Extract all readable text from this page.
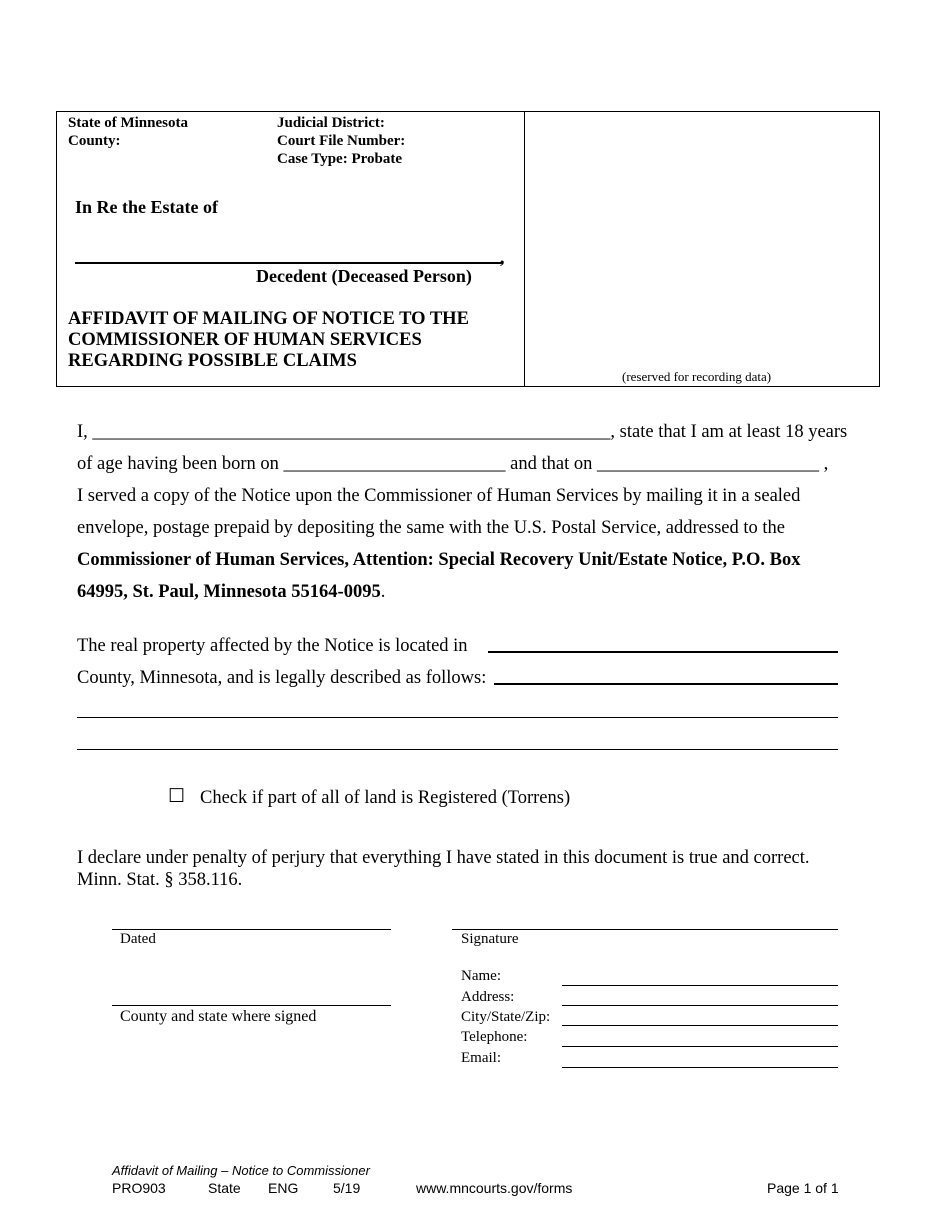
State of Minnesota
County:
Judicial District:
Court File Number:
Case Type: Probate
In Re the Estate of
,
Decedent (Deceased Person)
AFFIDAVIT OF MAILING OF NOTICE TO THE
COMMISSIONER OF HUMAN SERVICES
REGARDING POSSIBLE CLAIMS
(reserved for recording data)
I, ________________________________________________________, state that I am at least 18 years
of age having been born on ________________________ and that on ________________________ ,
I served a copy of the Notice upon the Commissioner of Human Services by mailing it in a sealed
envelope, postage prepaid by depositing the same with the U.S. Postal Service, addressed to the
Commissioner of Human Services, Attention: Special Recovery Unit/Estate Notice, P.O. Box
64995, St. Paul, Minnesota 55164-0095.
The real property affected by the Notice is located in
County, Minnesota, and is legally described as follows:
☐ Check if part of all of land is Registered (Torrens)
I declare under penalty of perjury that everything I have stated in this document is true and correct.
Minn. Stat. § 358.116.
Dated
County and state where signed
Signature
Name:
Address:
City/State/Zip:
Telephone:
Email:
Affidavit of Mailing – Notice to Commissioner
PRO903	State ENG 5/19	www.mncourts.gov/forms	Page 1 of 1
